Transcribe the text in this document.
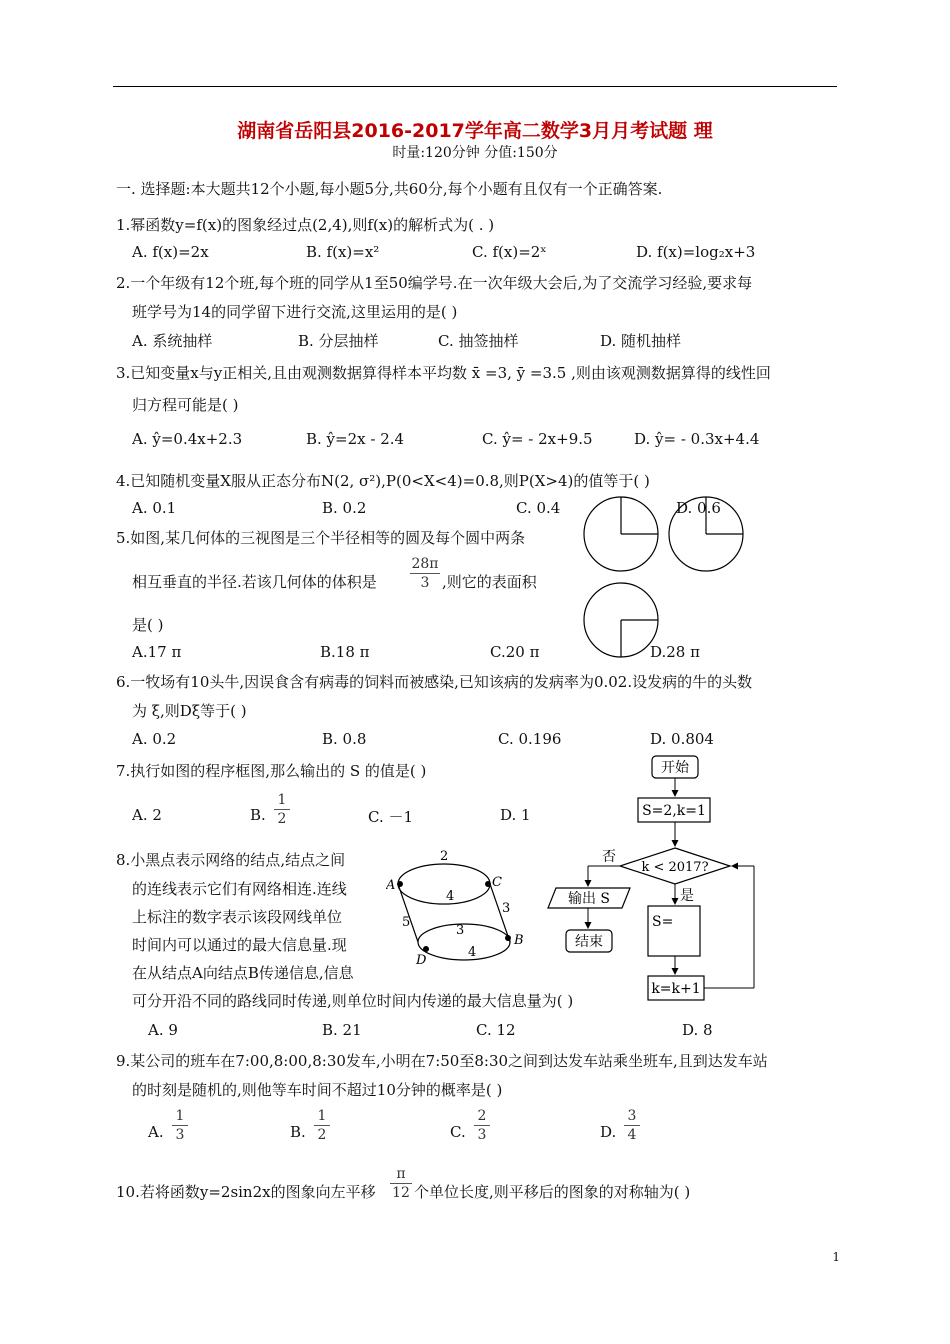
湖南省岳阳县2016-2017学年高二数学3月月考试题 理
时量:120分钟 分值:150分
一. 选择题:本大题共12个小题,每小题5分,共60分,每个小题有且仅有一个正确答案.
1.幂函数y=f(x)的图象经过点(2,4),则f(x)的解析式为( . )
A. f(x)=2x	B. f(x)=x²	C. f(x)=2ˣ	D. f(x)=log₂x+3
2.一个年级有12个班,每个班的同学从1至50编学号.在一次年级大会后,为了交流学习经验,要求每
班学号为14的同学留下进行交流,这里运用的是( )
A. 系统抽样	B. 分层抽样	C. 抽签抽样	D. 随机抽样
3.已知变量x与y正相关,且由观测数据算得样本平均数 x̄ =3, ȳ =3.5 ,则由该观测数据算得的线性回
归方程可能是( )
A. ŷ=0.4x+2.3	B. ŷ=2x - 2.4	C. ŷ= - 2x+9.5	D. ŷ= - 0.3x+4.4
4.已知随机变量X服从正态分布N(2, σ²),P(0<X<4)=0.8,则P(X>4)的值等于( )
A. 0.1	B. 0.2	C. 0.4	D. 0.6
5.如图,某几何体的三视图是三个半径相等的圆及每个圆中两条
相互垂直的半径.若该几何体的体积是
28π
3 ,则它的表面积
是( )
A.17 π	B.18 π	C.20 π	D.28 π
6.一牧场有10头牛,因误食含有病毒的饲料而被感染,已知该病的发病率为0.02.设发病的牛的头数
为 ξ,则Dξ等于( )
A. 0.2	B. 0.8	C. 0.196	D. 0.804
7.执行如图的程序框图,那么输出的 S 的值是( )
A. 2	B.
1
2	C. －1	D. 1
开始
S=2,k=1
k < 2017?
否
输出 S
结束
是
S=
k=k+1
8.小黑点表示网络的结点,结点之间
的连线表示它们有网络相连.连线
上标注的数字表示该段网线单位
时间内可以通过的最大信息量.现
在从结点A向结点B传递信息,信息
可分开沿不同的路线同时传递,则单位时间内传递的最大信息量为( )
A. 9	B. 21	C. 12	D. 8
A	C
D
B
2
4
5
3
4
3
9.某公司的班车在7:00,8:00,8:30发车,小明在7:50至8:30之间到达发车站乘坐班车,且到达发车站
的时刻是随机的,则他等车时间不超过10分钟的概率是( )
A.
1
3	B.
1
2	C.
2
3	D.
3
4
10.若将函数y=2sin2x的图象向左平移
π
12 个单位长度,则平移后的图象的对称轴为( )
1
